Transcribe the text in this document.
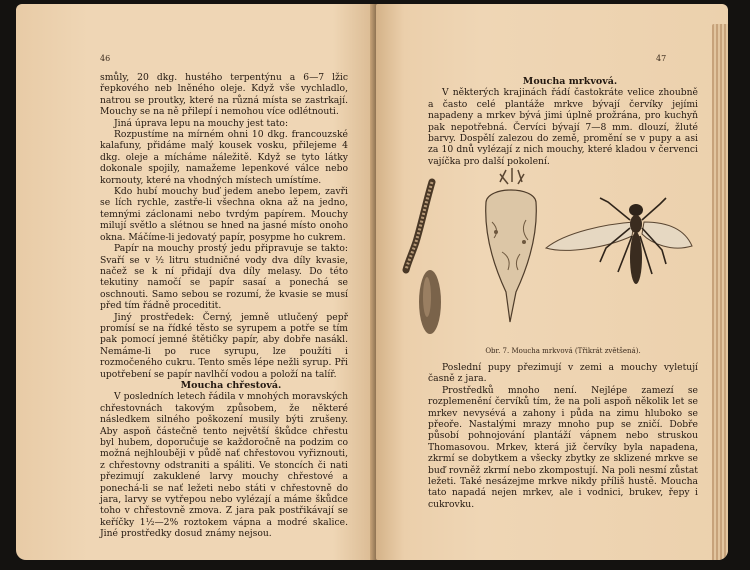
46

smůly, 20 dkg. hustého terpentýnu a 6—7 lžic řepkového neb lněného oleje. Když vše vychladlo, natrou se proutky, které na různá místa se zastrkají. Mouchy se na ně přilepí i nemohou více odlétnouti.

Jiná úprava lepu na mouchy jest tato:

Rozpustíme na mírném ohni 10 dkg. francouzské kalafuny, přidáme malý kousek vosku, přilejeme 4 dkg. oleje a mícháme náležitě. Když se tyto látky dokonale spojily, namažeme lepenkové válce nebo kornouty, které na vhodných místech umístíme.

Kdo hubí mouchy buď jedem anebo lepem, zavři se lích rychle, zastře-li všechna okna až na jedno, temnými záclonami nebo tvrdým papírem. Mouchy milují světlo a slétnou se hned na jasné místo onoho okna. Máčíme-li jedovatý papír, posypme ho cukrem.

Papír na mouchy prostý jedu připravuje se takto: Svaří se v ½ litru studničné vody dva díly kvasie, načež se k ní přidají dva díly melasy. Do této tekutiny namočí se papír sasaí a ponechá se oschnouti. Samo sebou se rozumí, že kvasie se musí před tím řádně proceditit.

Jiný prostředek: Černý, jemně utlučený pepř promísí se na řídké těsto se syrupem a potře se tím pak pomocí jemné štětičky papír, aby dobře nasákl. Nemáme-li po ruce syrupu, lze použíti i rozmočeného cukru. Tento směs lépe nežli syrup. Při upotřebení se papír navlhčí vodou a položí na talíř.

Moucha chřestová.

V posledních letech řádila v mnohých moravských chřestovnách takovým způsobem, že některé následkem silného poškození musily býti zrušeny. Aby aspoň částečně tento největší škůdce chřestu byl hubem, doporučuje se každoročně na podzim co možná nejhlouběji v půdě nať chřestovou vyřiznouti, z chřestovny odstraniti a spáliti. Ve stoncích či nati přezimují zakuklené larvy mouchy chřestové a ponechá-li se nať ležeti nebo státi v chřestovně do jara, larvy se vytřepou nebo vylézají a máme škůdce toho v chřestovně zmova. Z jara pak postřikávají se keříčky 1½—2% roztokem vápna a modré skalice. Jiné prostředky dosud známy nejsou.

47

Moucha mrkvová.

V některých krajinách řádí častokráte velice zhoubně a často celé plantáže mrkve bývají červíky jejími napadeny a mrkev bývá jimi úplně prožrána, pro kuchyň pak nepotřebná. Červíci bývají 7—8 mm. dlouzí, žluté barvy. Dospělí zalezou do země, promění se v pupy a asi za 10 dnů vylézají z nich mouchy, které kladou v červenci vajíčka pro další pokolení.

Obr. 7. Moucha mrkvová (Třikrát zvětšená).

Poslední pupy přezimují v zemi a mouchy vyletují časně z jara.

Prostředků mnoho není. Nejlépe zamezí se rozplemenění červíků tím, že na poli aspoň několik let se mrkev nevysévá a zahony i půda na zimu hluboko se přeoře. Nastalými mrazy mnoho pup se zničí. Dobře působí pohnojování plantáží vápnem nebo struskou Thomasovou. Mrkev, která již červíky byla napadena, zkrmí se dobytkem a všecky zbytky ze sklizené mrkve se buď rovněž zkrmí nebo zkompostují. Na poli nesmí zůstat ležeti. Také nesázejme mrkve nikdy příliš hustě. Moucha tato napadá nejen mrkev, ale i vodnici, brukev, řepy i cukrovku.
